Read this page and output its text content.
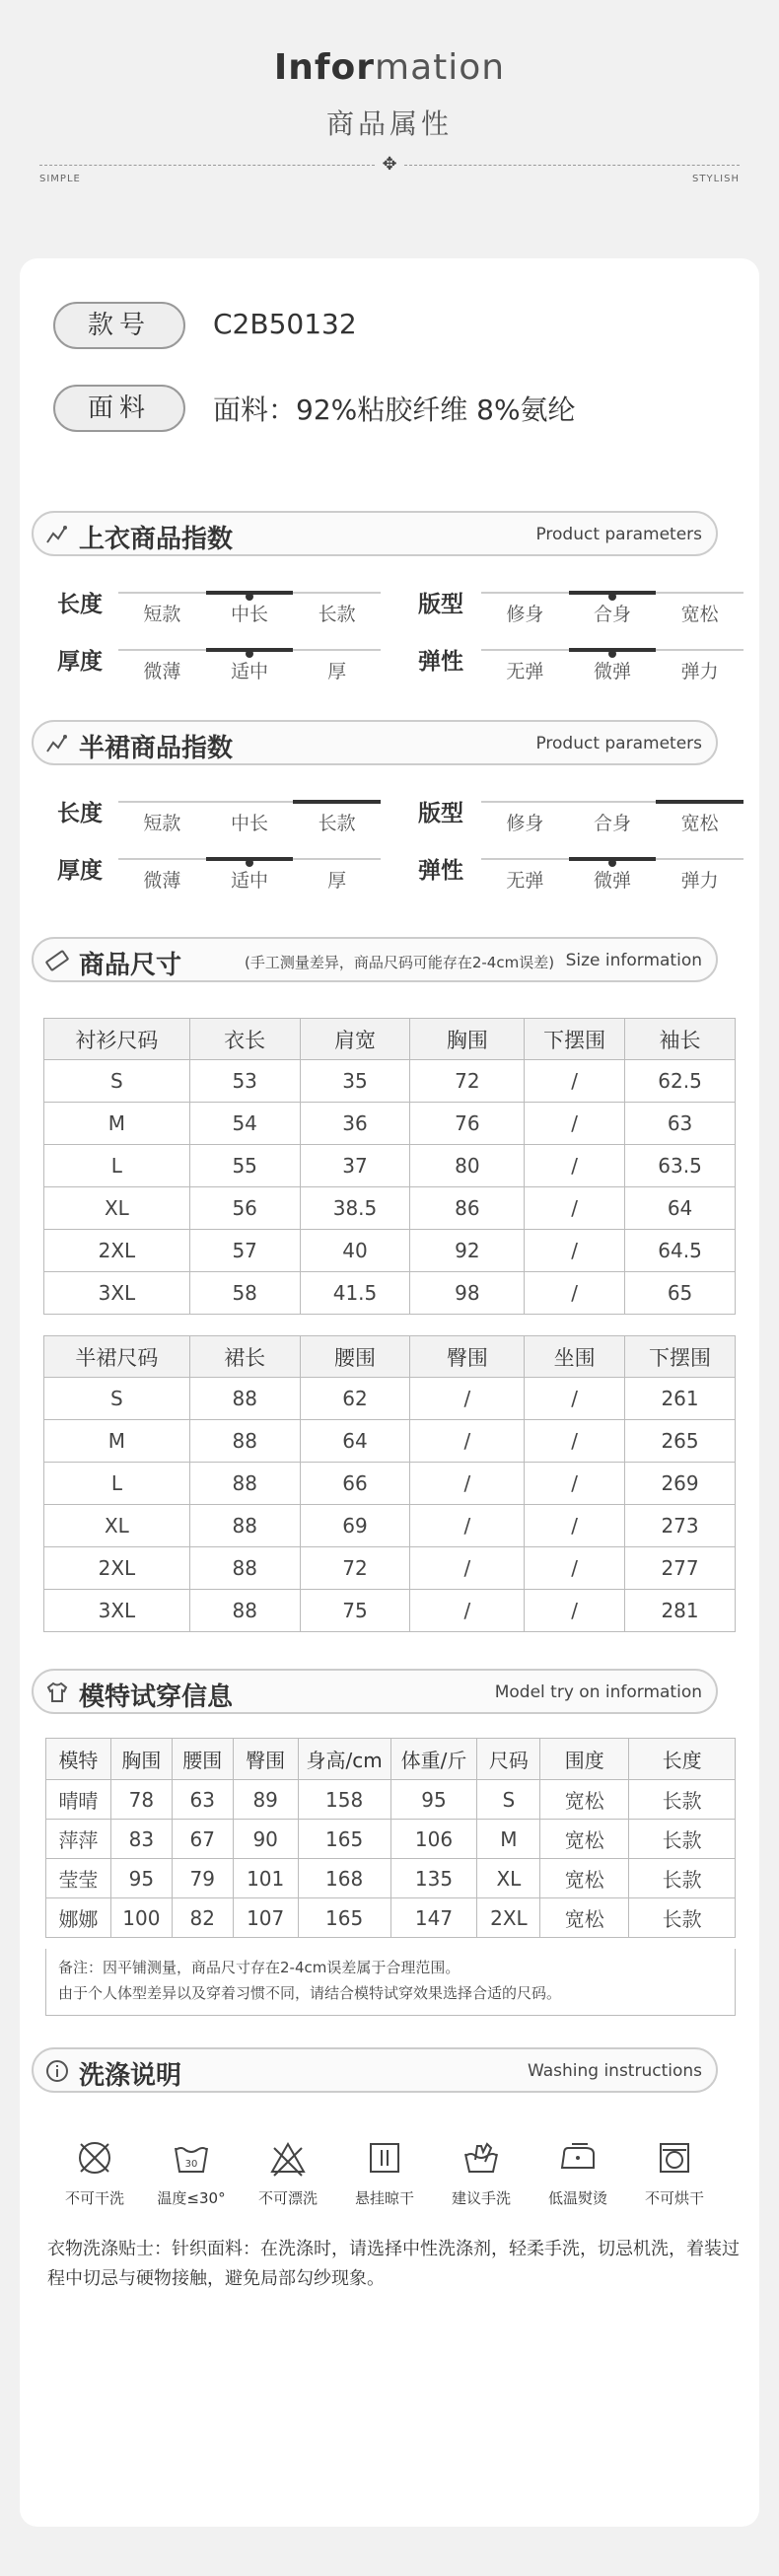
Information
商品属性
✥
SIMPLE	STYLISH
款号	C2B50132
面料	面料：92%粘胶纤维 8%氨纶
上衣商品指数	Product parameters
长度	短款	中长	长款	版型	修身	合身	宽松
厚度	微薄	适中	厚	弹性	无弹	微弹	弹力
半裙商品指数	Product parameters
长度	短款	中长	长款	版型	修身	合身	宽松
厚度	微薄	适中	厚	弹性	无弹	微弹	弹力
商品尺寸	(手工测量差异，商品尺码可能存在2-4cm误差) Size information
衬衫尺码	衣长	肩宽	胸围	下摆围	袖长
S	53	35	72	/	62.5
M	54	36	76	/	63
L	55	37	80	/	63.5
XL	56	38.5	86	/	64
2XL	57	40	92	/	64.5
3XL	58	41.5	98	/	65
半裙尺码	裙长	腰围	臀围	坐围	下摆围
S	88	62	/	/	261
M	88	64	/	/	265
L	88	66	/	/	269
XL	88	69	/	/	273
2XL	88	72	/	/	277
3XL	88	75	/	/	281
模特试穿信息	Model try on information
模特	胸围	腰围	臀围	身高/cm	体重/斤	尺码	围度	长度
晴晴	78	63	89	158	95	S	宽松	长款
萍萍	83	67	90	165	106	M	宽松	长款
莹莹	95	79	101	168	135	XL	宽松	长款
娜娜	100	82	107	165	147	2XL	宽松	长款
备注：因平铺测量，商品尺寸存在2-4cm误差属于合理范围。
由于个人体型差异以及穿着习惯不同，请结合模特试穿效果选择合适的尺码。
洗涤说明	Washing instructions
不可干洗
30
温度≤30°	不可漂洗	悬挂晾干	建议手洗	低温熨烫	不可烘干
衣物洗涤贴士：针织面料：在洗涤时，请选择中性洗涤剂，轻柔手洗，切忌机洗，着装过程中切忌与硬物接触，避免局部勾纱现象。
